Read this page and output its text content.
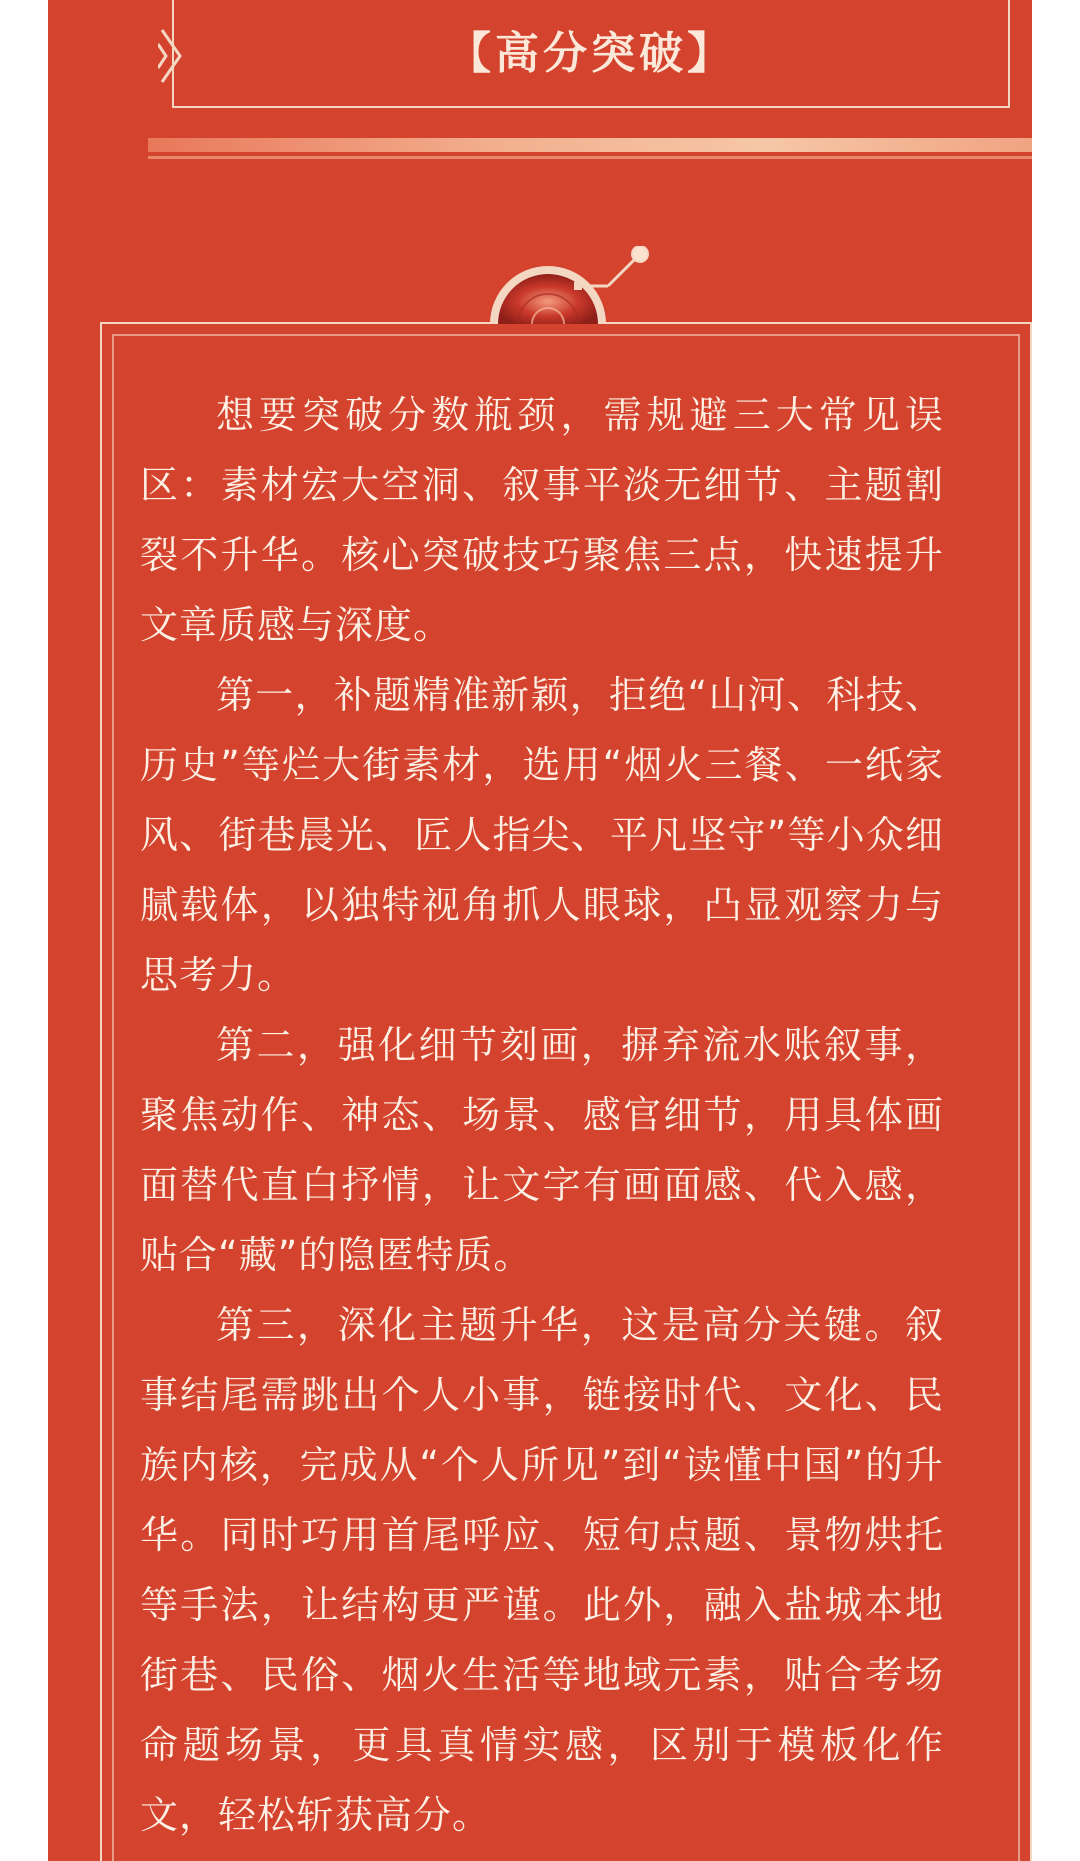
【高分突破】

想要突破分数瓶颈，需规避三大常见误区：素材宏大空洞、叙事平淡无细节、主题割裂不升华。核心突破技巧聚焦三点，快速提升文章质感与深度。

第一，补题精准新颖，拒绝“山河、科技、历史”等烂大街素材，选用“烟火三餐、一纸家风、街巷晨光、匠人指尖、平凡坚守”等小众细腻载体，以独特视角抓人眼球，凸显观察力与思考力。

第二，强化细节刻画，摒弃流水账叙事，聚焦动作、神态、场景、感官细节，用具体画面替代直白抒情，让文字有画面感、代入感，贴合“藏”的隐匿特质。

第三，深化主题升华，这是高分关键。叙事结尾需跳出个人小事，链接时代、文化、民族内核，完成从“个人所见”到“读懂中国”的升华。同时巧用首尾呼应、短句点题、景物烘托等手法，让结构更严谨。此外，融入盐城本地街巷、民俗、烟火生活等地域元素，贴合考场命题场景，更具真情实感，区别于模板化作文，轻松斩获高分。
